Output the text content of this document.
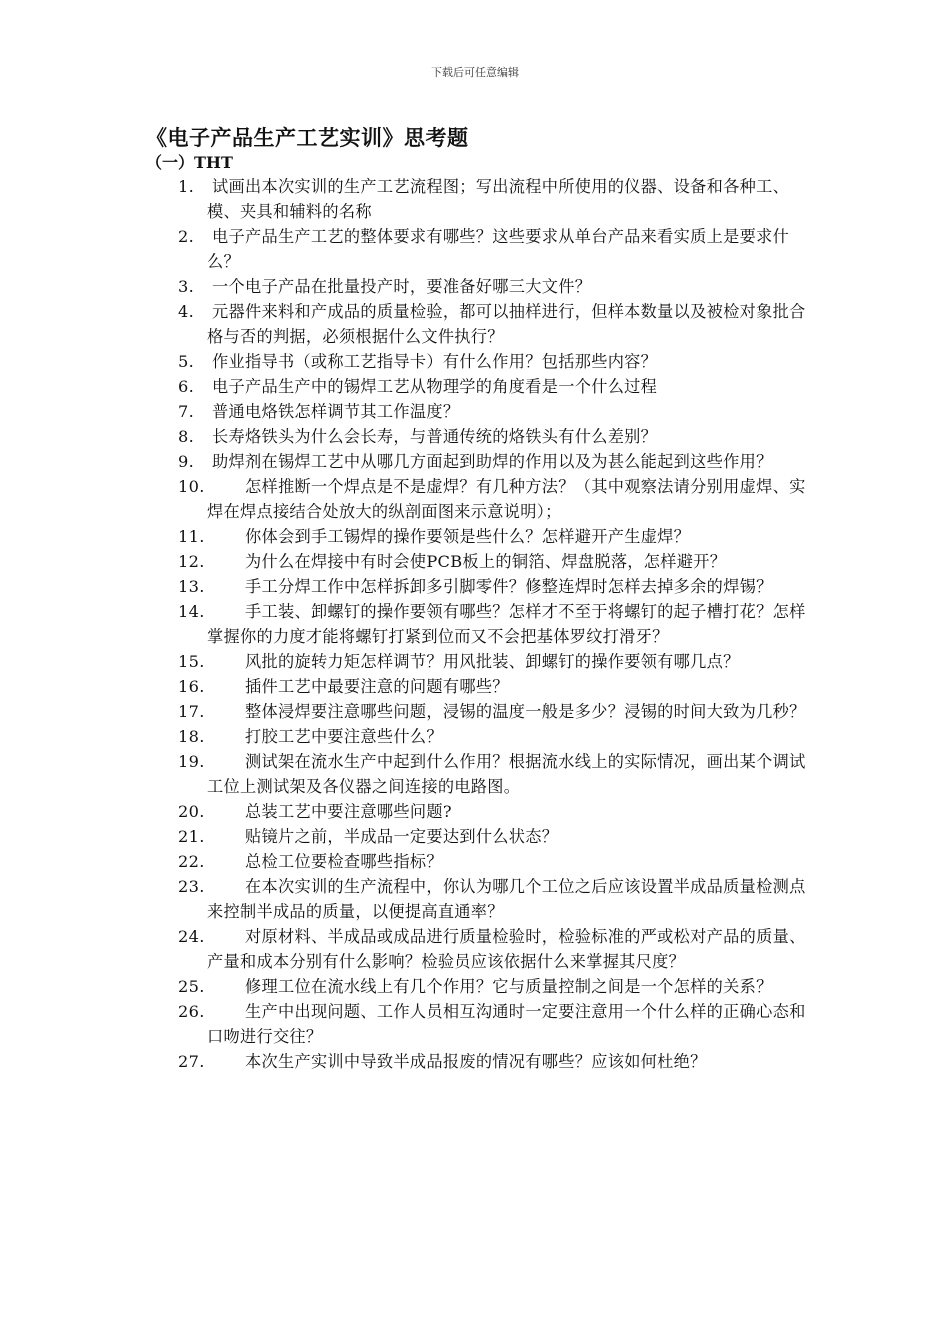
下载后可任意编辑
《电子产品生产工艺实训》思考题
（一）THT
1.	试画出本次实训的生产工艺流程图；写出流程中所使用的仪器、设备和各种工、模、夹具和辅料的名称
2.	电子产品生产工艺的整体要求有哪些？这些要求从单台产品来看实质上是要求什么？
3.	一个电子产品在批量投产时，要准备好哪三大文件？
4.	元器件来料和产成品的质量检验，都可以抽样进行，但样本数量以及被检对象批合格与否的判据，必须根据什么文件执行？
5.	作业指导书（或称工艺指导卡）有什么作用？包括那些内容？
6.	电子产品生产中的锡焊工艺从物理学的角度看是一个什么过程
7.	普通电烙铁怎样调节其工作温度？
8.	长寿烙铁头为什么会长寿，与普通传统的烙铁头有什么差别？
9.	助焊剂在锡焊工艺中从哪几方面起到助焊的作用以及为甚么能起到这些作用？
10.	怎样推断一个焊点是不是虚焊？有几种方法？（其中观察法请分别用虚焊、实焊在焊点接结合处放大的纵剖面图来示意说明）；
11.	你体会到手工锡焊的操作要领是些什么？怎样避开产生虚焊？
12.	为什么在焊接中有时会使PCB板上的铜箔、焊盘脱落，怎样避开？
13.	手工分焊工作中怎样拆卸多引脚零件？修整连焊时怎样去掉多余的焊锡？
14.	手工装、卸螺钉的操作要领有哪些？怎样才不至于将螺钉的起子槽打花？怎样掌握你的力度才能将螺钉打紧到位而又不会把基体罗纹打滑牙？
15.	风批的旋转力矩怎样调节？用风批装、卸螺钉的操作要领有哪几点？
16.	插件工艺中最要注意的问题有哪些？
17.	整体浸焊要注意哪些问题，浸锡的温度一般是多少？浸锡的时间大致为几秒？
18.	打胶工艺中要注意些什么？
19.	测试架在流水生产中起到什么作用？根据流水线上的实际情况，画出某个调试工位上测试架及各仪器之间连接的电路图。
20.	总装工艺中要注意哪些问题?
21.	贴镜片之前，半成品一定要达到什么状态？
22.	总检工位要检查哪些指标？
23.	在本次实训的生产流程中，你认为哪几个工位之后应该设置半成品质量检测点来控制半成品的质量，以便提高直通率？
24.	对原材料、半成品或成品进行质量检验时，检验标准的严或松对产品的质量、产量和成本分别有什么影响？检验员应该依据什么来掌握其尺度？
25.	修理工位在流水线上有几个作用？它与质量控制之间是一个怎样的关系？
26.	生产中出现问题、工作人员相互沟通时一定要注意用一个什么样的正确心态和口吻进行交往？
27.	本次生产实训中导致半成品报废的情况有哪些？应该如何杜绝？
